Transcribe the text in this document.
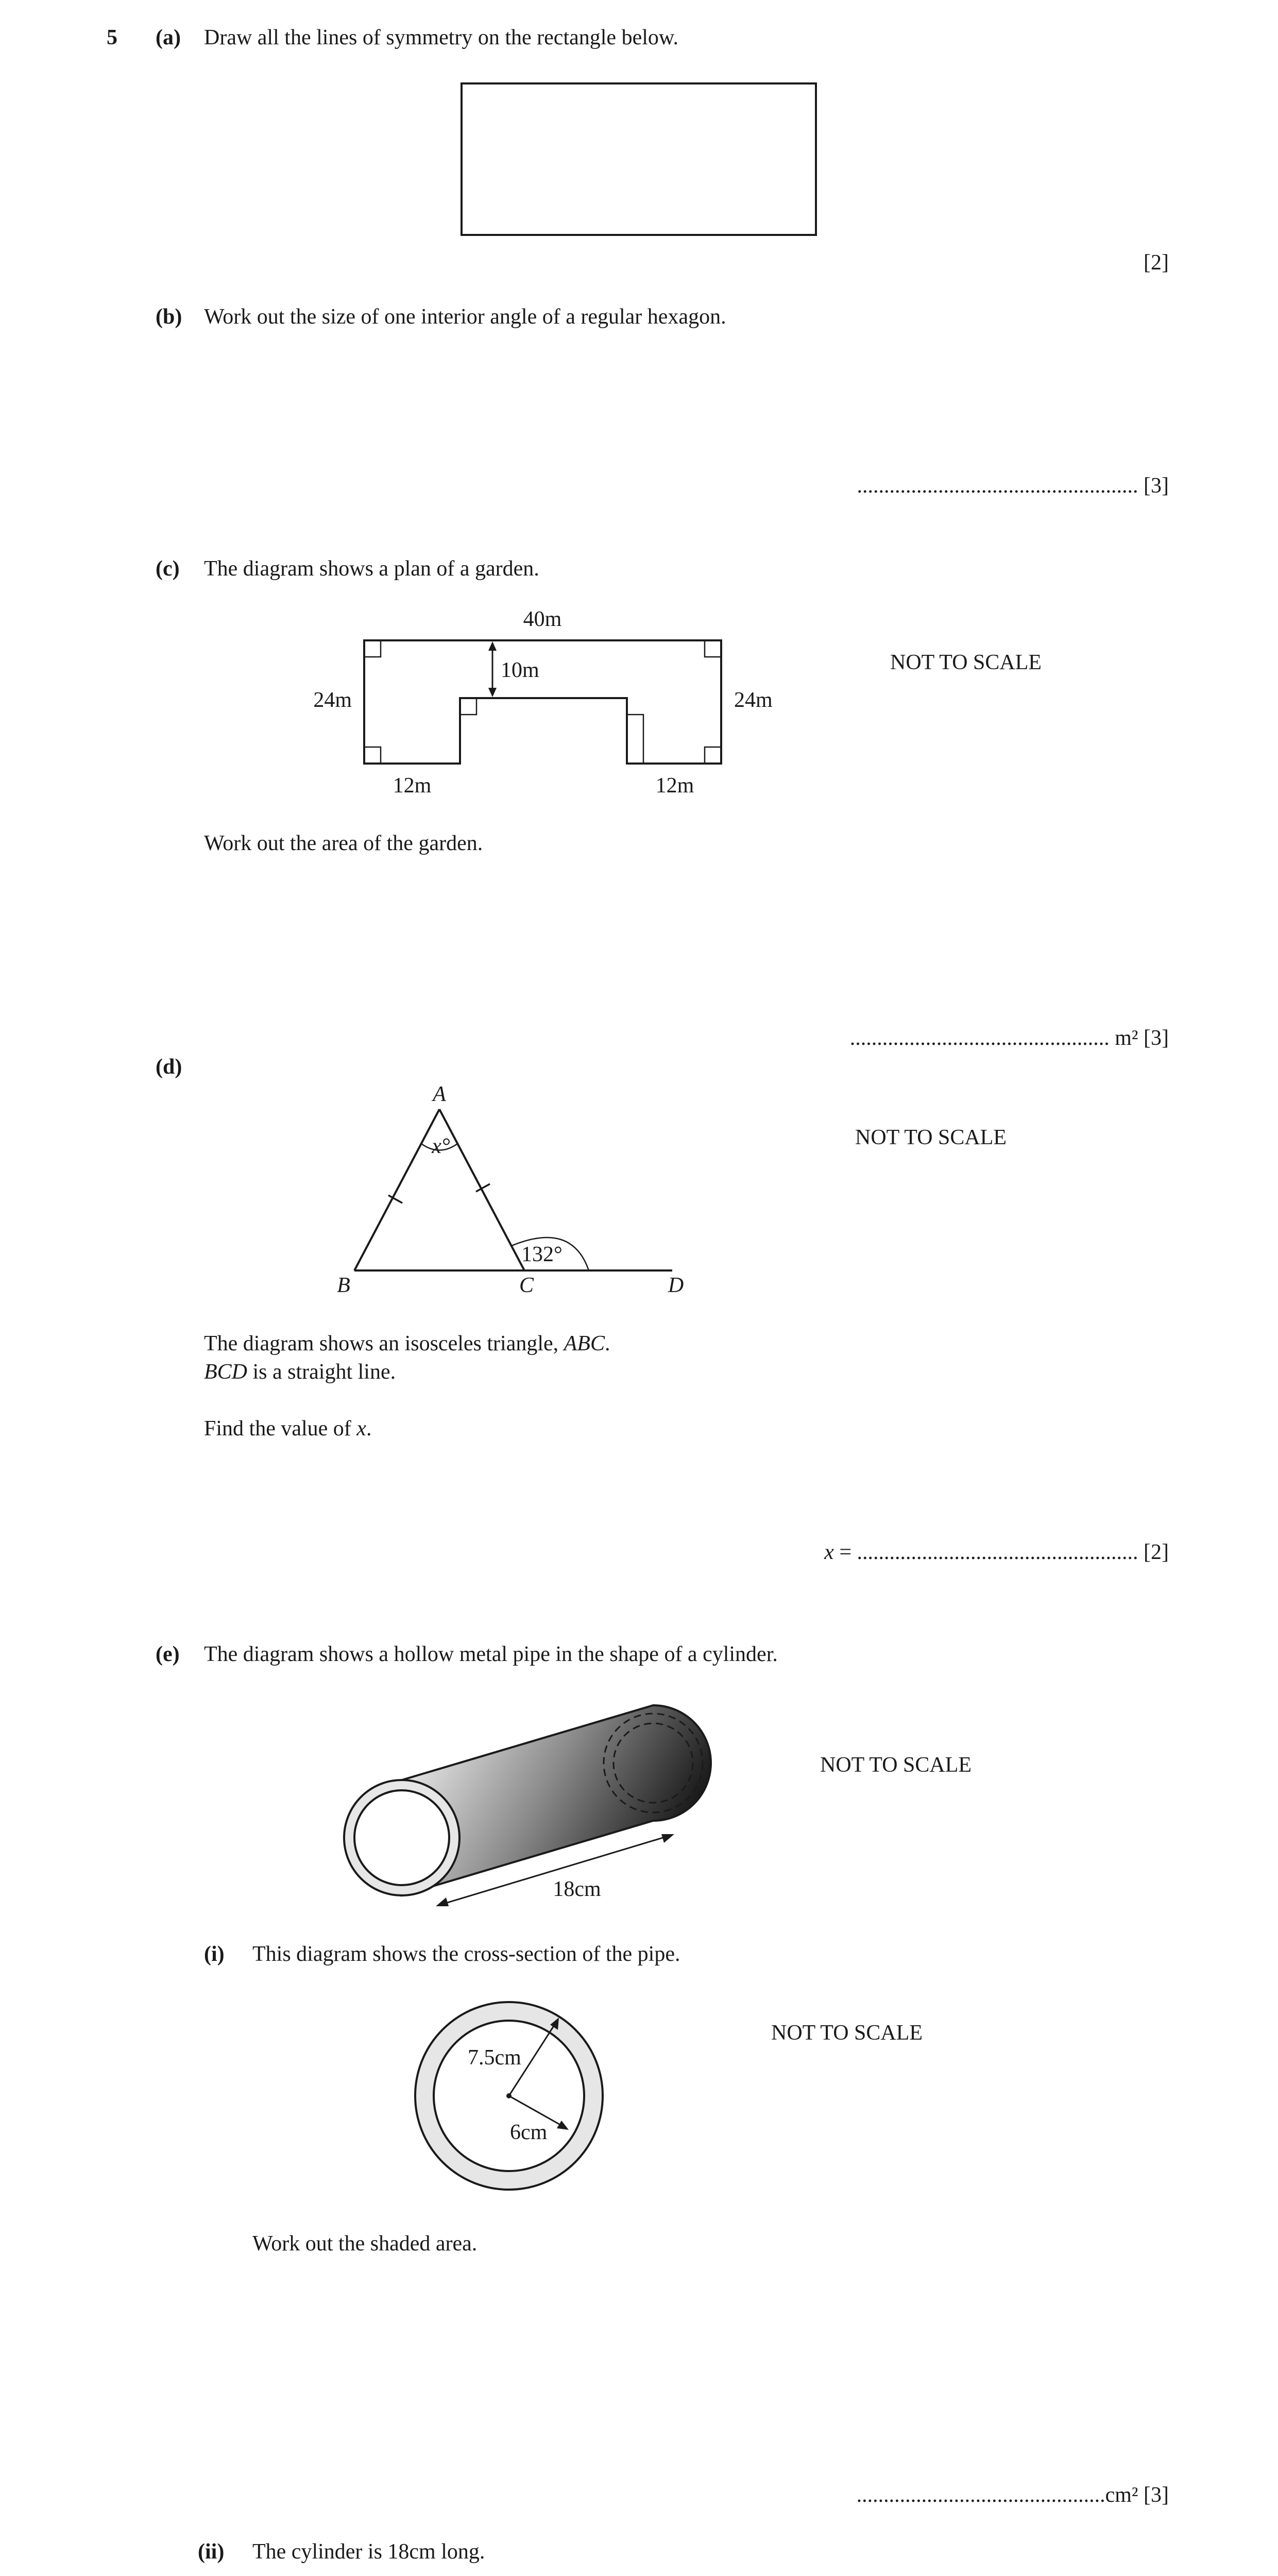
5 (a) Draw all the lines of symmetry on the rectangle below.
40m
10m
24m	24m
12m	12m
A
B	C	D
x°
132°
18cm
7.5cm
6cm
[2]
(b) Work out the size of one interior angle of a regular hexagon.
.................................................... [3]
(c) The diagram shows a plan of a garden.
NOT TO SCALE
Work out the area of the garden.
................................................ m² [3]
(d)
NOT TO SCALE
The diagram shows an isosceles triangle, ABC.
BCD is a straight line.
Find the value of x.
x = .................................................... [2]
(e) The diagram shows a hollow metal pipe in the shape of a cylinder.
NOT TO SCALE
(i) This diagram shows the cross-section of the pipe.
NOT TO SCALE
Work out the shaded area.
..............................................cm² [3]
(ii) The cylinder is 18cm long.
